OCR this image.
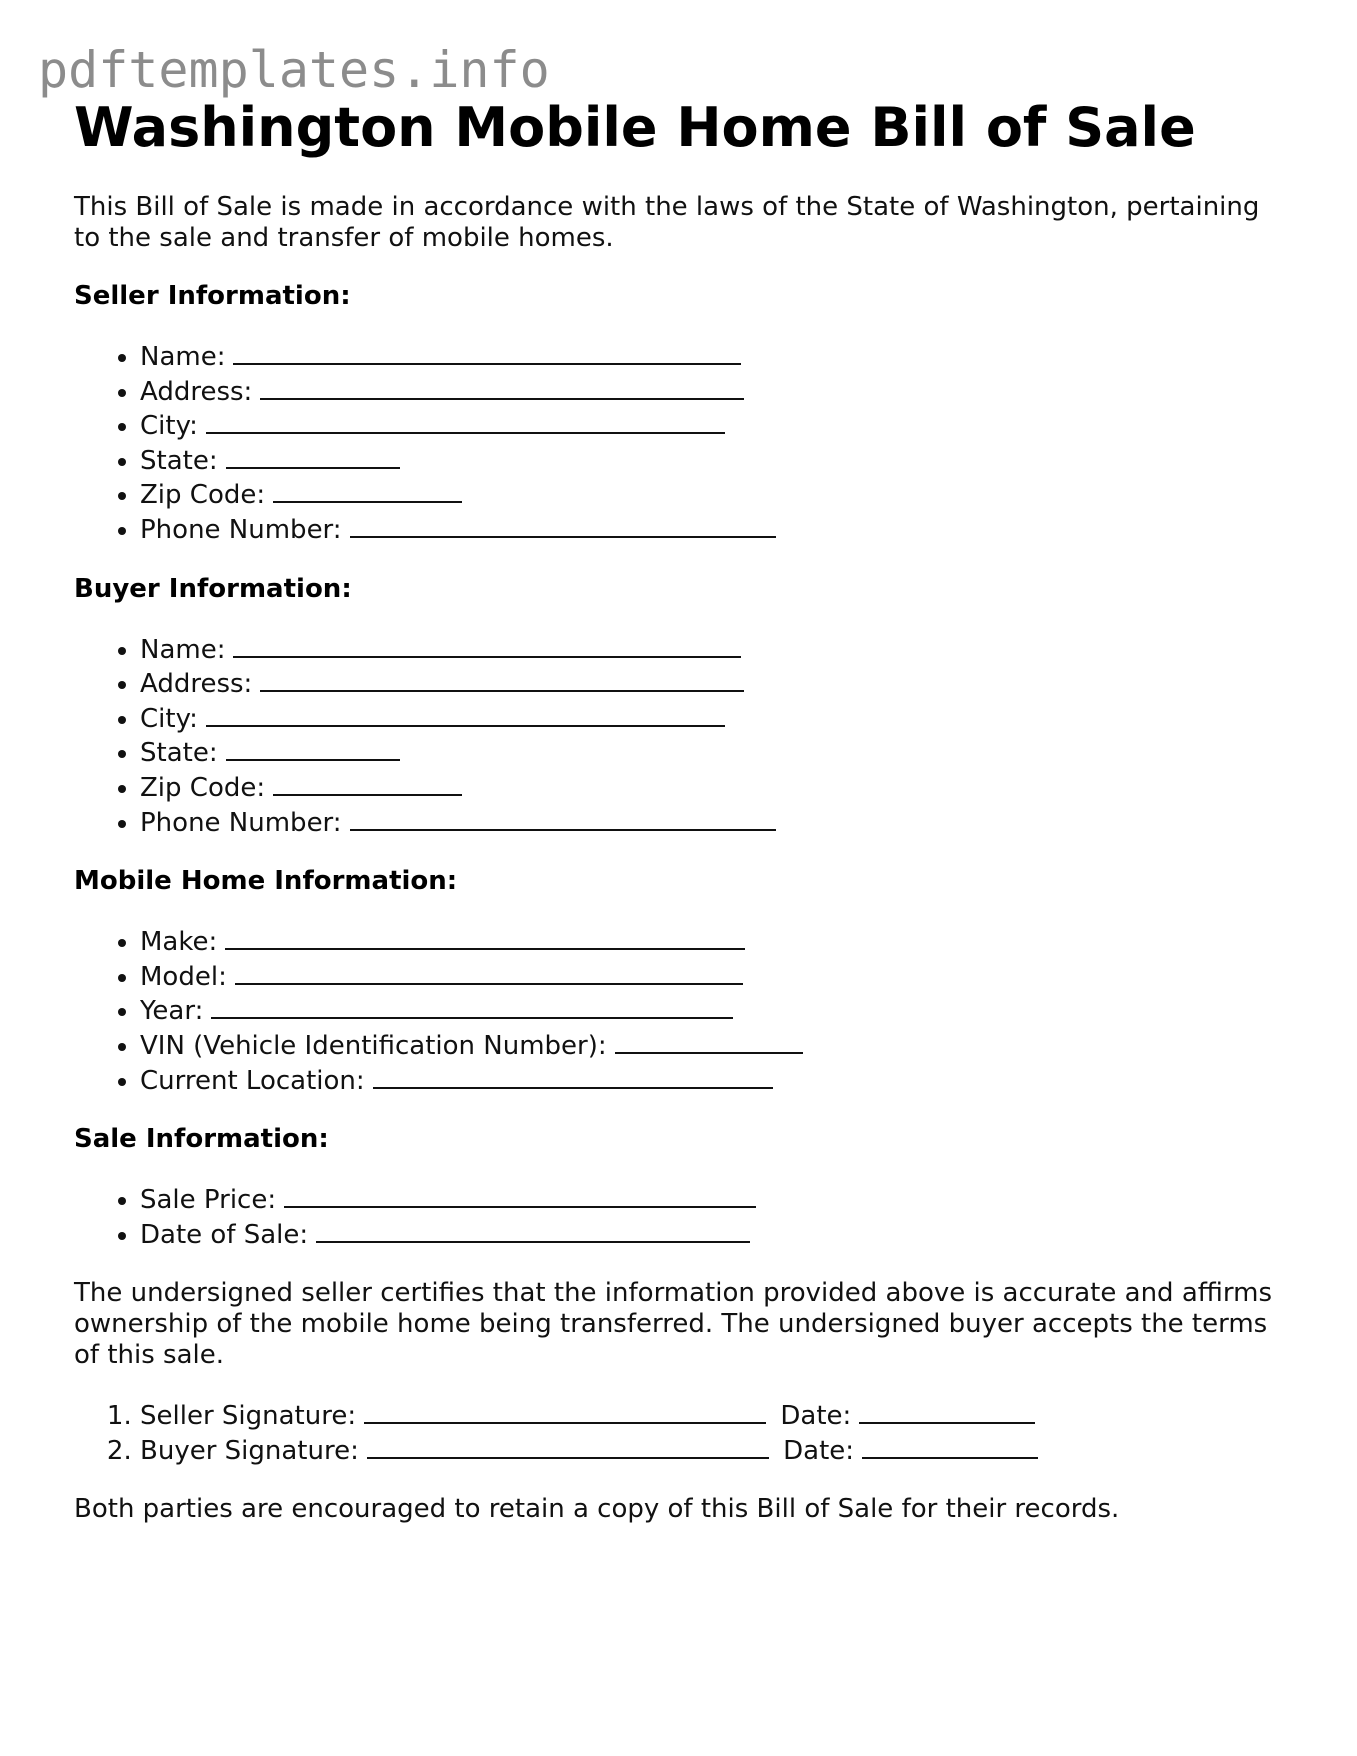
pdftemplates.info
Washington Mobile Home Bill of Sale

This Bill of Sale is made in accordance with the laws of the State of Washington, pertaining to the sale and transfer of mobile homes.

Seller Information:
• Name:
• Address:
• City:
• State:
• Zip Code:
• Phone Number:
Buyer Information:
• Name:
• Address:
• City:
• State:
• Zip Code:
• Phone Number:
Mobile Home Information:
• Make:
• Model:
• Year:
• VIN (Vehicle Identification Number):
• Current Location:
Sale Information:
• Sale Price:
• Date of Sale:

The undersigned seller certifies that the information provided above is accurate and affirms ownership of the mobile home being transferred. The undersigned buyer accepts the terms of this sale.

1. Seller Signature:	Date:
2. Buyer Signature:	Date:

Both parties are encouraged to retain a copy of this Bill of Sale for their records.
